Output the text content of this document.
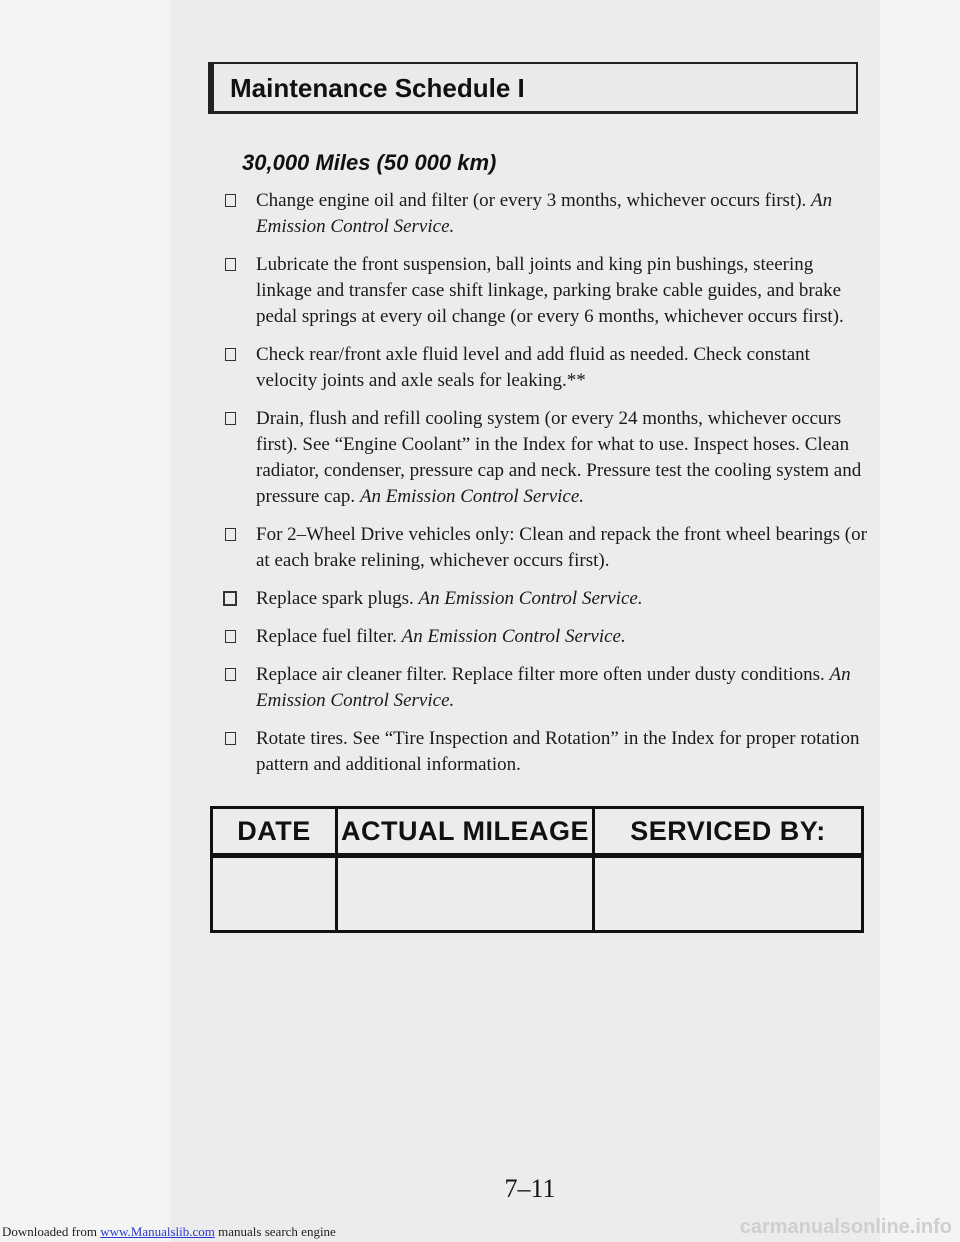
Maintenance Schedule I
30,000 Miles (50 000 km)
Change engine oil and filter (or every 3 months, whichever occurs first). An Emission Control Service.
Lubricate the front suspension, ball joints and king pin bushings, steering linkage and transfer case shift linkage, parking brake cable guides, and brake pedal springs at every oil change (or every 6 months, whichever occurs first).
Check rear/front axle fluid level and add fluid as needed. Check constant velocity joints and axle seals for leaking.**
Drain, flush and refill cooling system (or every 24 months, whichever occurs first). See “Engine Coolant” in the Index for what to use. Inspect hoses. Clean radiator, condenser, pressure cap and neck. Pressure test the cooling system and pressure cap. An Emission Control Service.
For 2–Wheel Drive vehicles only: Clean and repack the front wheel bearings (or at each brake relining, whichever occurs first).
Replace spark plugs. An Emission Control Service.
Replace fuel filter. An Emission Control Service.
Replace air cleaner filter. Replace filter more often under dusty conditions. An Emission Control Service.
Rotate tires. See “Tire Inspection and Rotation” in the Index for proper rotation pattern and additional information.
DATE	ACTUAL MILEAGE	SERVICED BY:

7–11
Downloaded from www.Manualslib.com manuals search engine	carmanualsonline.info
